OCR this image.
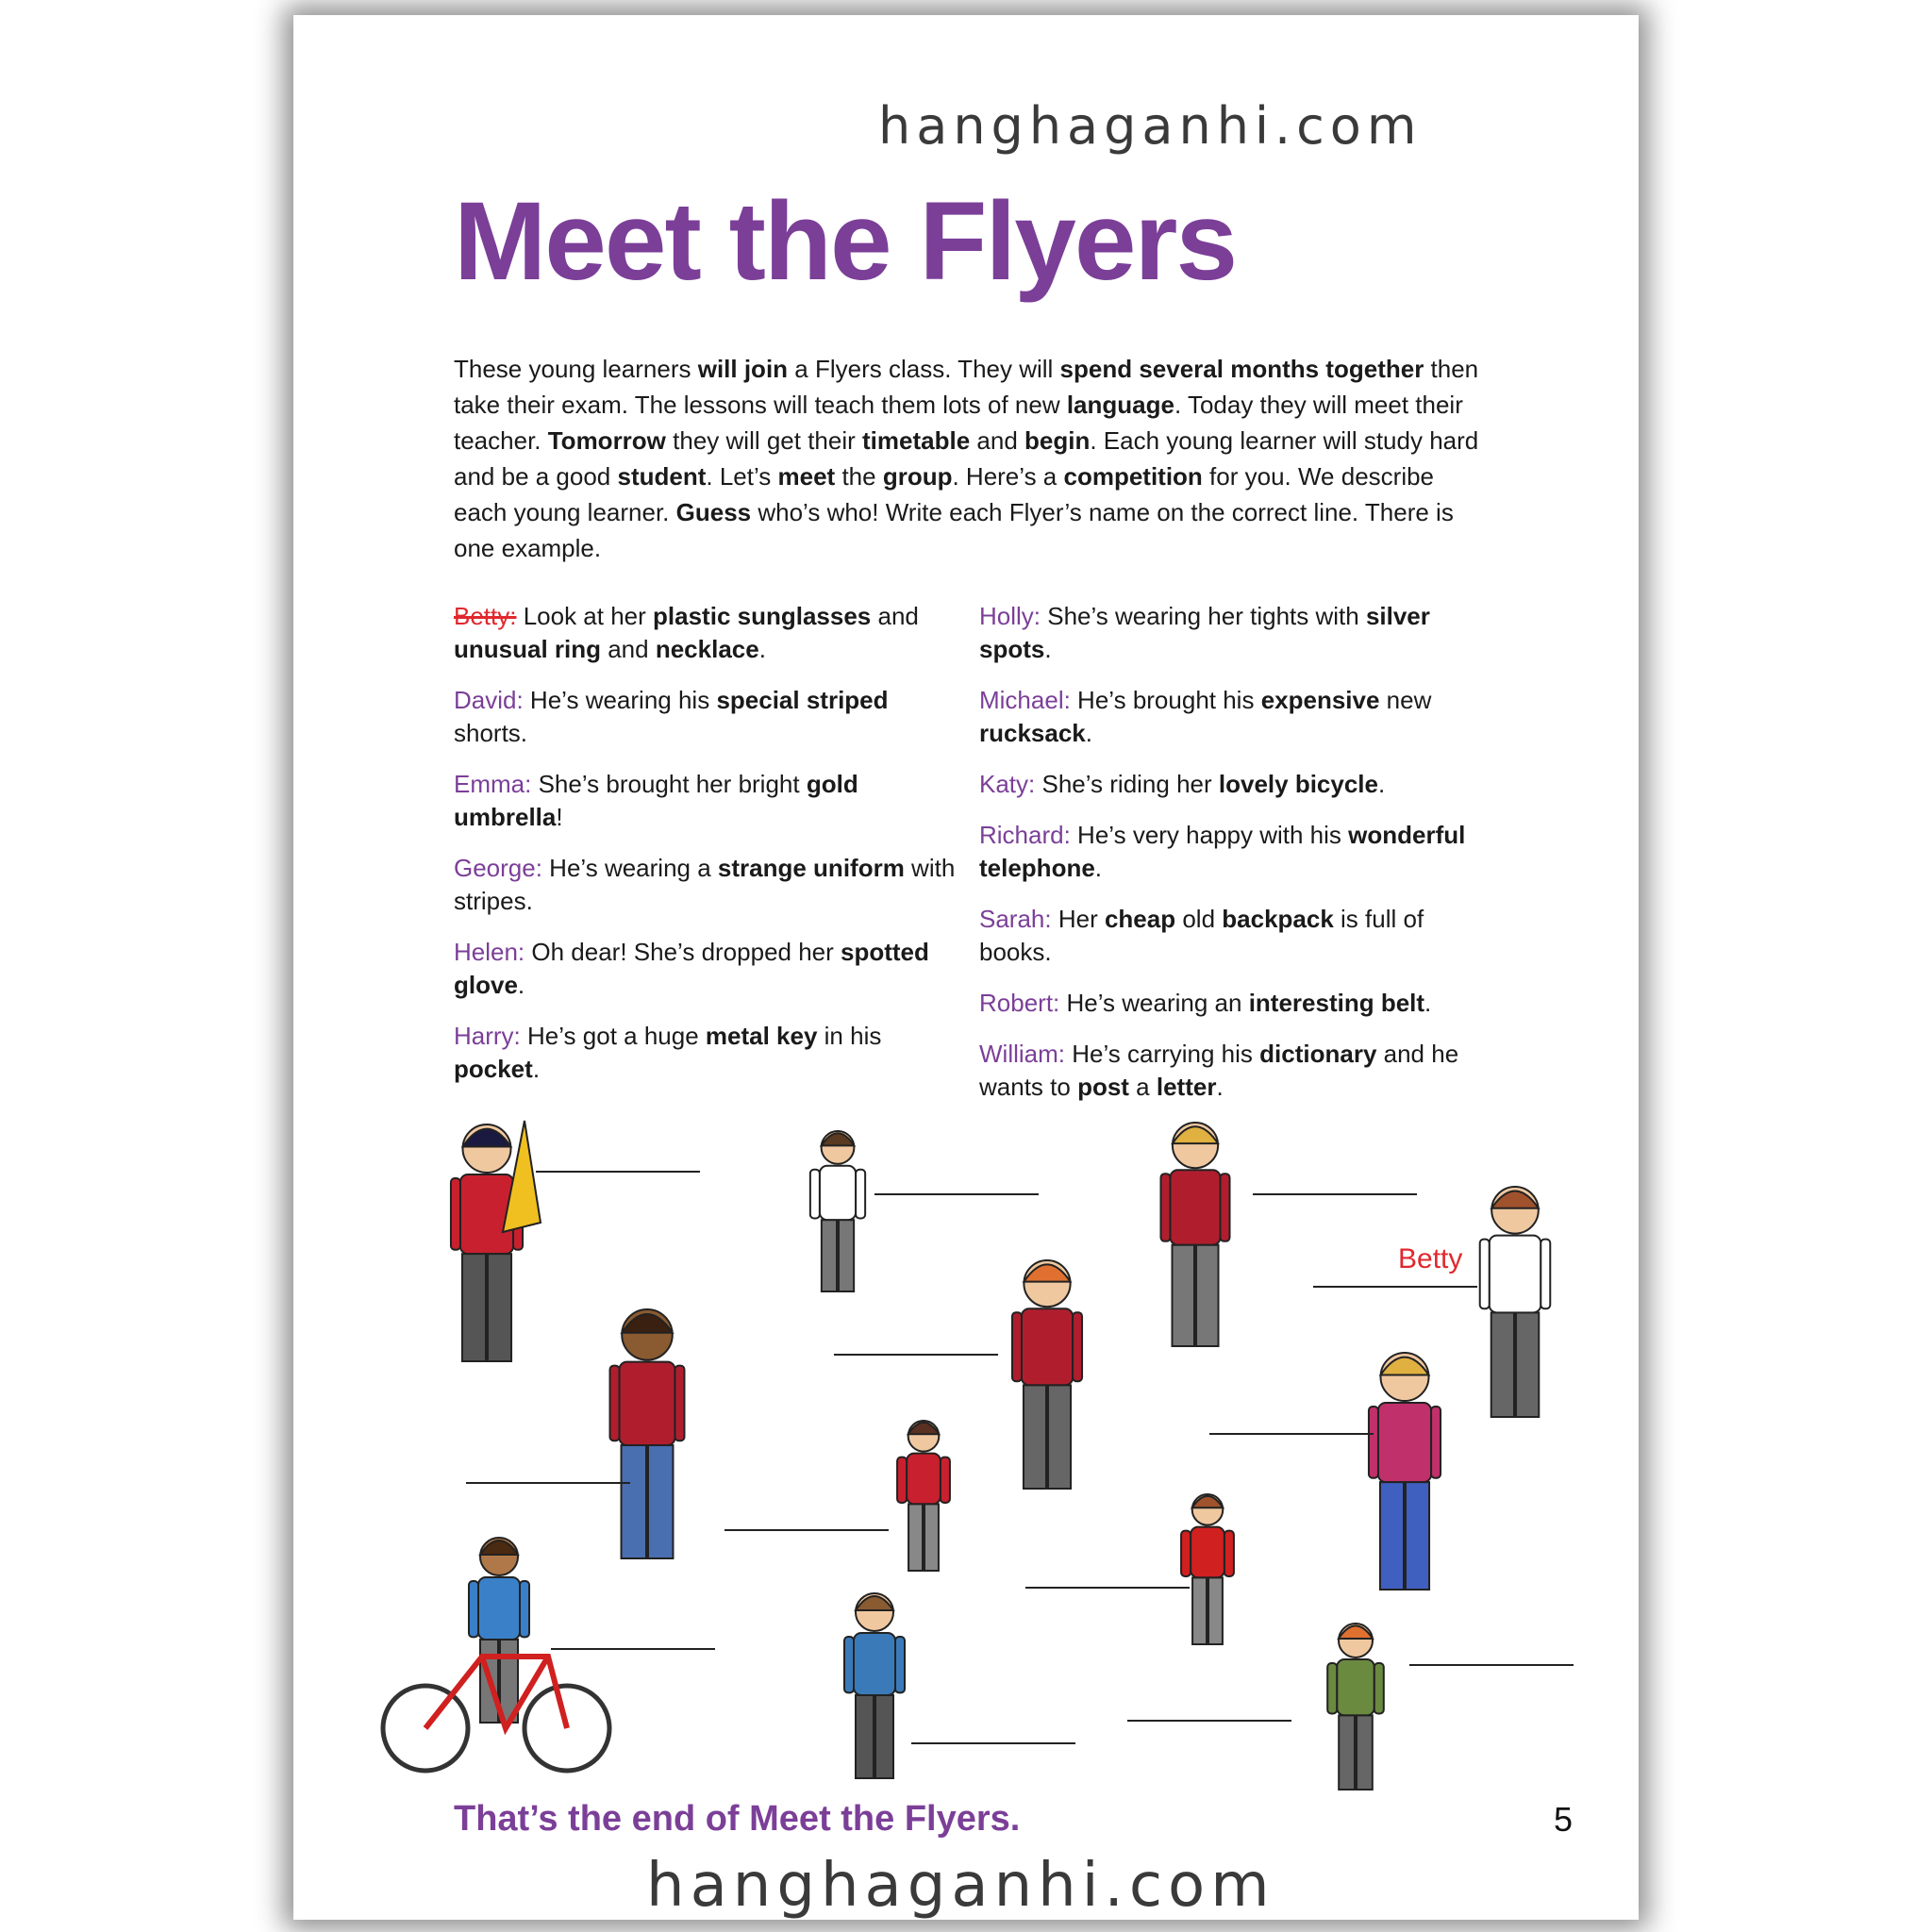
hanghaganhi.com
Meet the Flyers
These young learners will join a Flyers class. They will spend several months together then take their exam. The lessons will teach them lots of new language. Today they will meet their teacher. Tomorrow they will get their timetable and begin. Each young learner will study hard and be a good student. Let’s meet the group. Here’s a competition for you. We describe each young learner. Guess who’s who! Write each Flyer’s name on the correct line. There is one example.
Betty: Look at her plastic sunglasses and unusual ring and necklace.
David: He’s wearing his special striped shorts.
Emma: She’s brought her bright gold umbrella!
George: He’s wearing a strange uniform with stripes.
Helen: Oh dear! She’s dropped her spotted glove.
Harry: He’s got a huge metal key in his pocket.
Holly: She’s wearing her tights with silver spots.
Michael: He’s brought his expensive new rucksack.
Katy: She’s riding her lovely bicycle.
Richard: He’s very happy with his wonderful telephone.
Sarah: Her cheap old backpack is full of books.
Robert: He’s wearing an interesting belt.
William: He’s carrying his dictionary and he wants to post a letter.
Betty
That’s the end of Meet the Flyers.	5
hanghaganhi.com
